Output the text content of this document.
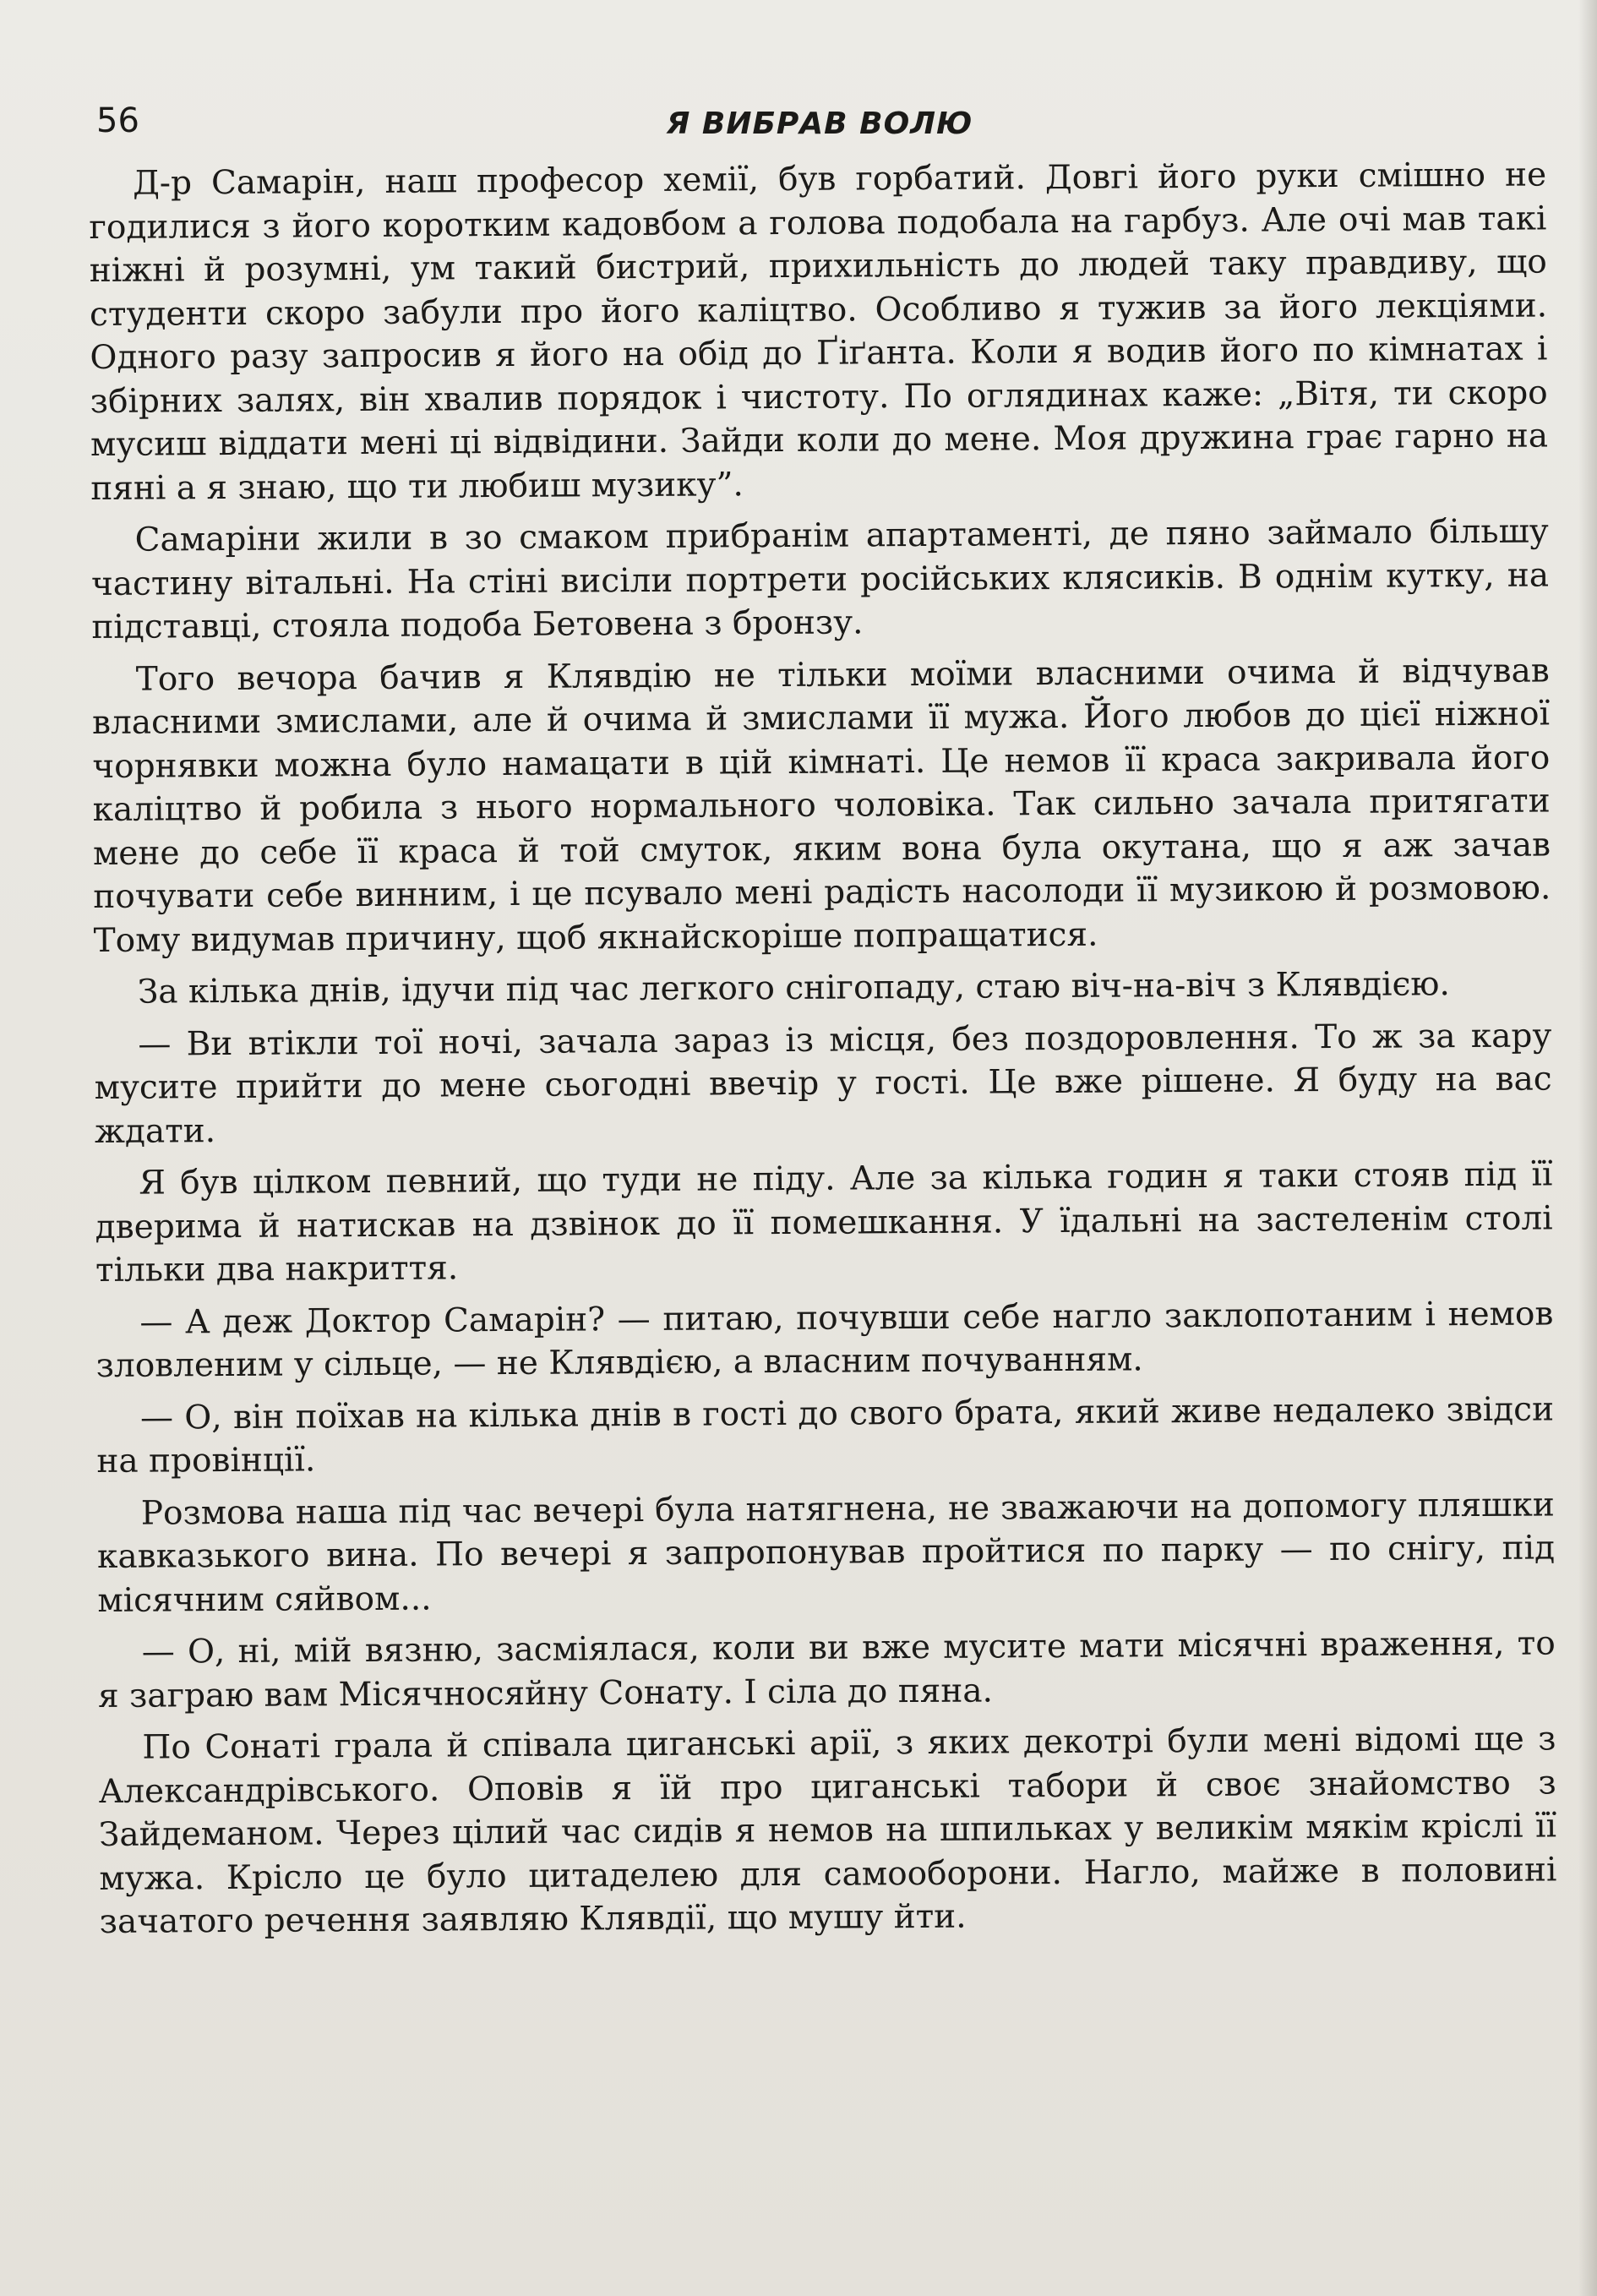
56	Я ВИБРАВ ВОЛЮ

Д-р Самарін, наш професор хемії, був горбатий. Довгі його руки смішно не годилися з його коротким кадовбом а голова подобала на гарбуз. Але очі мав такі ніжні й розумні, ум такий бистрий, прихильність до людей таку правдиву, що студенти скоро забули про його каліцтво. Особливо я тужив за його лекціями. Одного разу запросив я його на обід до Ґіґанта. Коли я водив його по кімнатах і збірних залях, він хвалив порядок і чистоту. По оглядинах каже: „Вітя, ти скоро мусиш віддати мені ці відвідини. Зайди коли до мене. Моя дружина грає гарно на пяні а я знаю, що ти любиш музику”.

Самаріни жили в зо смаком прибранім апартаменті, де пяно займало більшу частину вітальні. На стіні висіли портрети російських клясиків. В однім кутку, на підставці, стояла подоба Бетовена з бронзу.

Того вечора бачив я Клявдію не тільки моїми власними очима й відчував власними змислами, але й очима й змислами її мужа. Його любов до цієї ніжної чорнявки можна було намацати в цій кімнаті. Це немов її краса закривала його каліцтво й робила з нього нормального чоловіка. Так сильно зачала притягати мене до себе її краса й той смуток, яким вона була окутана, що я аж зачав почувати себе винним, і це псувало мені радість насолоди її музикою й розмовою. Тому видумав причину, щоб якнайскоріше попращатися.

За кілька днів, ідучи під час легкого снігопаду, стаю віч-на-віч з Клявдією.

— Ви втікли тої ночі, зачала зараз із місця, без поздоровлення. То ж за кару мусите прийти до мене сьогодні ввечір у гості. Це вже рішене. Я буду на вас ждати.

Я був цілком певний, що туди не піду. Але за кілька годин я таки стояв під її дверима й натискав на дзвінок до її помешкання. У їдальні на застеленім столі тільки два накриття.

— А деж Доктор Самарін? — питаю, почувши себе нагло заклопотаним і немов зловленим у сільце, — не Клявдією, а власним почуванням.

— О, він поїхав на кілька днів в гості до свого брата, який живе недалеко звідси на провінції.

Розмова наша під час вечері була натягнена, не зважаючи на допомогу пляшки кавказького вина. По вечері я запропонував пройтися по парку — по снігу, під місячним сяйвом...

— О, ні, мій вязню, засміялася, коли ви вже мусите мати місячні враження, то я заграю вам Місячносяйну Сонату. І сіла до пяна.

По Сонаті грала й співала циганські арії, з яких декотрі були мені відомі ще з Александрівського. Оповів я їй про циганські табори й своє знайомство з Зайдеманом. Через цілий час сидів я немов на шпильках у великім мякім кріслі її мужа. Крісло це було цитаделею для самооборони. Нагло, майже в половині зачатого речення заявляю Клявдії, що мушу йти.
